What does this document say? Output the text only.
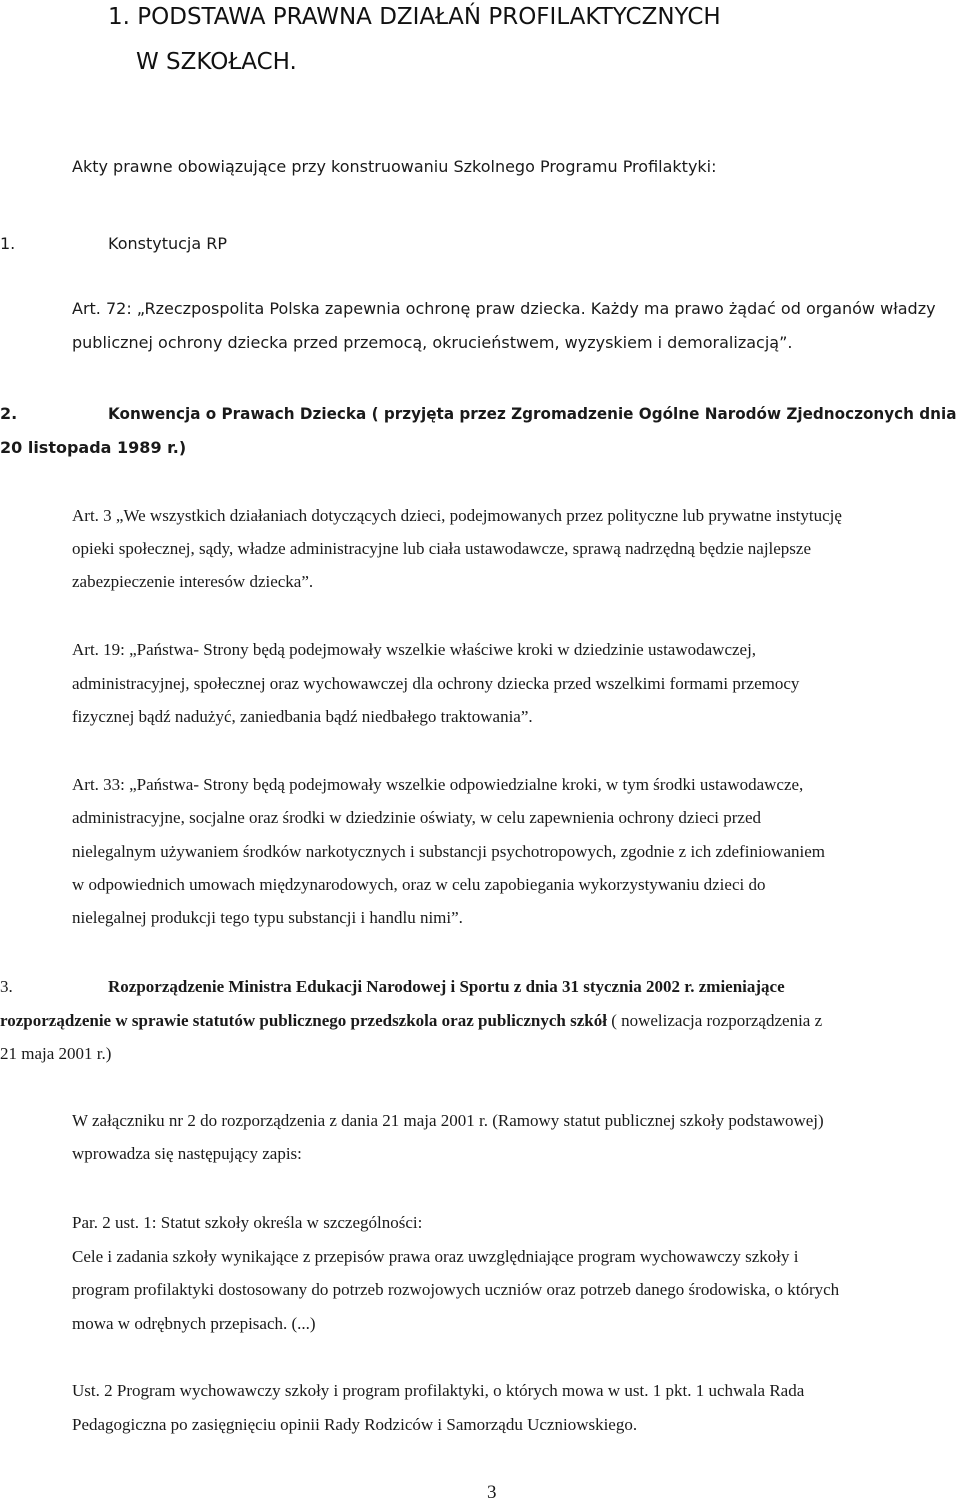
1. PODSTAWA PRAWNA DZIAŁAŃ PROFILAKTYCZNYCH
W SZKOŁACH.
Akty prawne obowiązujące przy konstruowaniu Szkolnego Programu Profilaktyki:
1.	Konstytucja RP
Art. 72: „Rzeczpospolita Polska zapewnia ochronę praw dziecka. Każdy ma prawo żądać od organów władzy
publicznej ochrony dziecka przed przemocą, okrucieństwem, wyzyskiem i demoralizacją”.
2.	Konwencja o Prawach Dziecka ( przyjęta przez Zgromadzenie Ogólne Narodów Zjednoczonych dnia
20 listopada 1989 r.)
Art. 3 „We wszystkich działaniach dotyczących dzieci, podejmowanych przez polityczne lub prywatne instytucję
opieki społecznej, sądy, władze administracyjne lub ciała ustawodawcze, sprawą nadrzędną będzie najlepsze
zabezpieczenie interesów dziecka”.
Art. 19: „Państwa- Strony będą podejmowały wszelkie właściwe kroki w dziedzinie ustawodawczej,
administracyjnej, społecznej oraz wychowawczej dla ochrony dziecka przed wszelkimi formami przemocy
fizycznej bądź nadużyć, zaniedbania bądź niedbałego traktowania”.
Art. 33: „Państwa- Strony będą podejmowały wszelkie odpowiedzialne kroki, w tym środki ustawodawcze,
administracyjne, socjalne oraz środki w dziedzinie oświaty, w celu zapewnienia ochrony dzieci przed
nielegalnym używaniem środków narkotycznych i substancji psychotropowych, zgodnie z ich zdefiniowaniem
w odpowiednich umowach międzynarodowych, oraz w celu zapobiegania wykorzystywaniu dzieci do
nielegalnej produkcji tego typu substancji i handlu nimi”.
3.	Rozporządzenie Ministra Edukacji Narodowej i Sportu z dnia 31 stycznia 2002 r. zmieniające
rozporządzenie w sprawie statutów publicznego przedszkola oraz publicznych szkół ( nowelizacja rozporządzenia z
21 maja 2001 r.)
W załączniku nr 2 do rozporządzenia z dania 21 maja 2001 r. (Ramowy statut publicznej szkoły podstawowej)
wprowadza się następujący zapis:
Par. 2 ust. 1: Statut szkoły określa w szczególności:
Cele i zadania szkoły wynikające z przepisów prawa oraz uwzględniające program wychowawczy szkoły i
program profilaktyki dostosowany do potrzeb rozwojowych uczniów oraz potrzeb danego środowiska, o których
mowa w odrębnych przepisach. (...)
Ust. 2 Program wychowawczy szkoły i program profilaktyki, o których mowa w ust. 1 pkt. 1 uchwala Rada
Pedagogiczna po zasięgnięciu opinii Rady Rodziców i Samorządu Uczniowskiego.
3
